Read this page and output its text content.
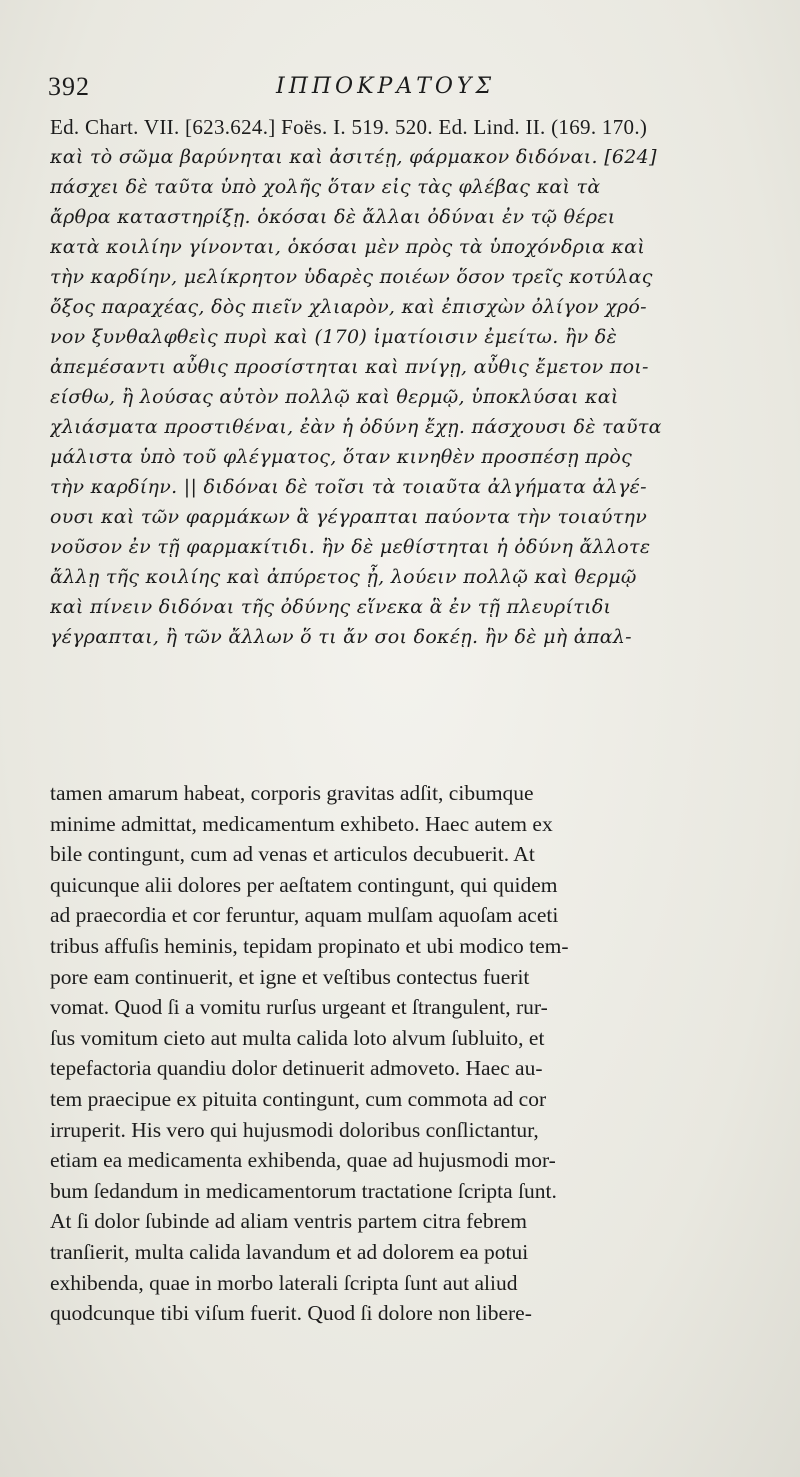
392	ΙΠΠΟΚΡΑΤΟΥΣ
Ed. Chart. VII. [623.624.] Foës. I. 519. 520. Ed. Lind. II. (169. 170.)
καὶ τὸ σῶμα βαρύνηται καὶ ἀσιτέῃ, φάρμακον διδόναι. [624]
πάσχει δὲ ταῦτα ὑπὸ χολῆς ὅταν εἰς τὰς φλέβας καὶ τὰ
ἄρθρα καταστηρίξῃ. ὁκόσαι δὲ ἄλλαι ὀδύναι ἐν τῷ θέρει
κατὰ κοιλίην γίνονται, ὁκόσαι μὲν πρὸς τὰ ὑποχόνδρια καὶ
τὴν καρδίην, μελίκρητον ὑδαρὲς ποιέων ὅσον τρεῖς κοτύλας
ὄξος παραχέας, δὸς πιεῖν χλιαρὸν, καὶ ἐπισχὼν ὀλίγον χρό-
νον ξυνθαλφθεὶς πυρὶ καὶ (170) ἱματίοισιν ἐμείτω. ἢν δὲ
ἀπεμέσαντι αὖθις προσίστηται καὶ πνίγῃ, αὖθις ἔμετον ποι-
είσθω, ἢ λούσας αὐτὸν πολλῷ καὶ θερμῷ, ὑποκλύσαι καὶ
χλιάσματα προστιθέναι, ἐὰν ἡ ὀδύνη ἔχῃ. πάσχουσι δὲ ταῦτα
μάλιστα ὑπὸ τοῦ φλέγματος, ὅταν κινηθὲν προσπέσῃ πρὸς
τὴν καρδίην. || διδόναι δὲ τοῖσι τὰ τοιαῦτα ἀλγήματα ἀλγέ-
ουσι καὶ τῶν φαρμάκων ἃ γέγραπται παύοντα τὴν τοιαύτην
νοῦσον ἐν τῇ φαρμακίτιδι. ἢν δὲ μεθίστηται ἡ ὀδύνη ἄλλοτε
ἄλλῃ τῆς κοιλίης καὶ ἀπύρετος ᾖ, λούειν πολλῷ καὶ θερμῷ
καὶ πίνειν διδόναι τῆς ὀδύνης εἵνεκα ἃ ἐν τῇ πλευρίτιδι
γέγραπται, ἢ τῶν ἄλλων ὅ τι ἄν σοι δοκέῃ. ἢν δὲ μὴ ἀπαλ-
tamen amarum habeat, corporis gravitas adſit, cibumque
minime admittat, medicamentum exhibeto. Haec autem ex
bile contingunt, cum ad venas et articulos decubuerit. At
quicunque alii dolores per aeſtatem contingunt, qui quidem
ad praecordia et cor feruntur, aquam mulſam aquoſam aceti
tribus affuſis heminis, tepidam propinato et ubi modico tem-
pore eam continuerit, et igne et veſtibus contectus fuerit
vomat. Quod ſi a vomitu rurſus urgeant et ſtrangulent, rur-
ſus vomitum cieto aut multa calida loto alvum ſubluito, et
tepefactoria quandiu dolor detinuerit admoveto. Haec au-
tem praecipue ex pituita contingunt, cum commota ad cor
irruperit. His vero qui hujusmodi doloribus conſlictantur,
etiam ea medicamenta exhibenda, quae ad hujusmodi mor-
bum ſedandum in medicamentorum tractatione ſcripta ſunt.
At ſi dolor ſubinde ad aliam ventris partem citra febrem
tranſierit, multa calida lavandum et ad dolorem ea potui
exhibenda, quae in morbo laterali ſcripta ſunt aut aliud
quodcunque tibi viſum fuerit. Quod ſi dolore non libere-
